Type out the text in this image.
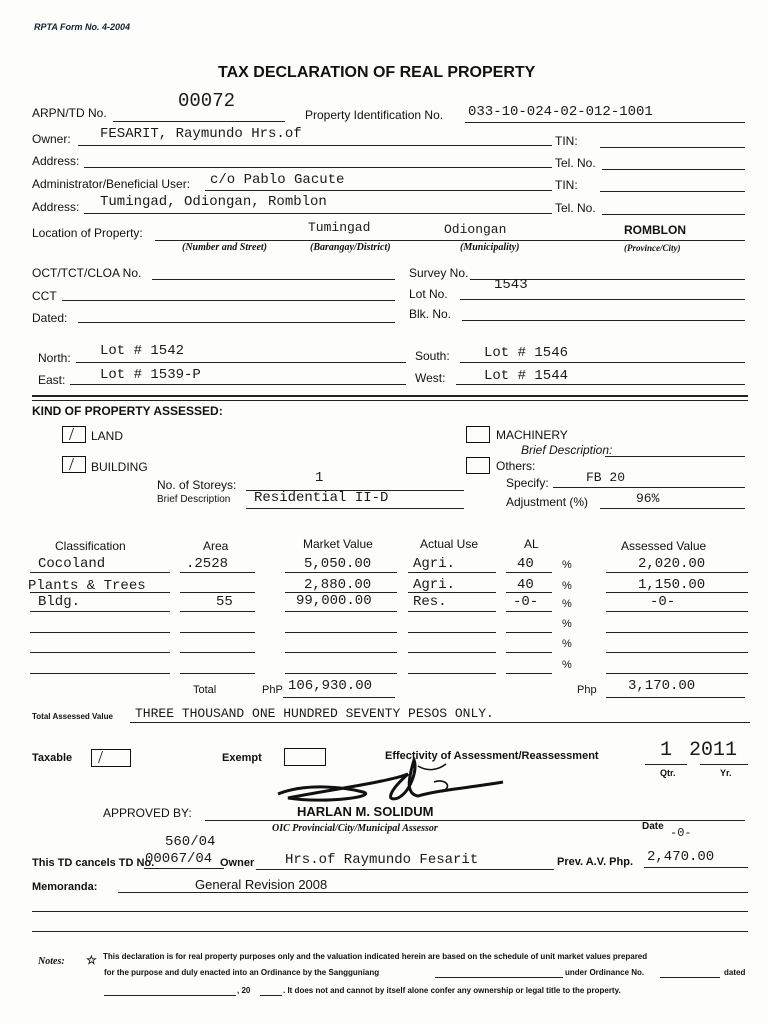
RPTA Form No. 4-2004
TAX DECLARATION OF REAL PROPERTY
ARPN/TD No.
00072
Property Identification No. 033-10-024-02-012-1001
Owner: FESARIT, Raymundo Hrs.of	TIN:
Address:	Tel. No.
Administrator/Beneficial User: c/o Pablo Gacute	TIN:
Address: Tumingad, Odiongan, Romblon	Tel. No.
Location of Property:	Tumingad	Odiongan	ROMBLON
(Number and Street)	(Barangay/District)	(Municipality)	(Province/City)
OCT/TCT/CLOA No.	Survey No.
CCT	Lot No.
1543
Dated:	Blk. No.
North: Lot # 1542	South: Lot # 1546
East: Lot # 1539-P	West:	Lot # 1544
KIND OF PROPERTY ASSESSED:
/
LAND
/
BUILDING
MACHINERY
Brief Description:
Others:
Specify:	FB 20
Adjustment (%)	96%
No. of Storeys:	1
Brief Description Residential II-D
Classification	Area	Market Value	Actual Use	AL	Assessed Value
Cocoland	.2528	5,050.00	Agri.	40	%	2,020.00
Plants & Trees	2,880.00	Agri.	40	%	1,150.00
Bldg.	55	99,000.00	Res.	-0- %	-0-
%
%
%
Total	PhP 106,930.00	Php 3,170.00
Total Assessed Value THREE THOUSAND ONE HUNDRED SEVENTY PESOS ONLY.
Taxable
/	Exempt	Effectivity of Assessment/Reassessment	1 2011
Qtr.	Yr.
APPROVED BY:	HARLAN M. SOLIDUM
OIC Provincial/City/Municipal Assessor	Date -0-
560/04
This TD cancels TD No.
00067/04 Owner Hrs.of Raymundo Fesarit	Prev. A.V. Php. 2,470.00
Memoranda:	General Revision 2008
Notes: ☆ This declaration is for real property purposes only and the valuation indicated herein are based on the schedule of unit market values prepared
for the purpose and duly enacted into an Ordinance by the Sangguniang	under Ordinance No.	dated
, 20	. It does not and cannot by itself alone confer any ownership or legal title to the property.
